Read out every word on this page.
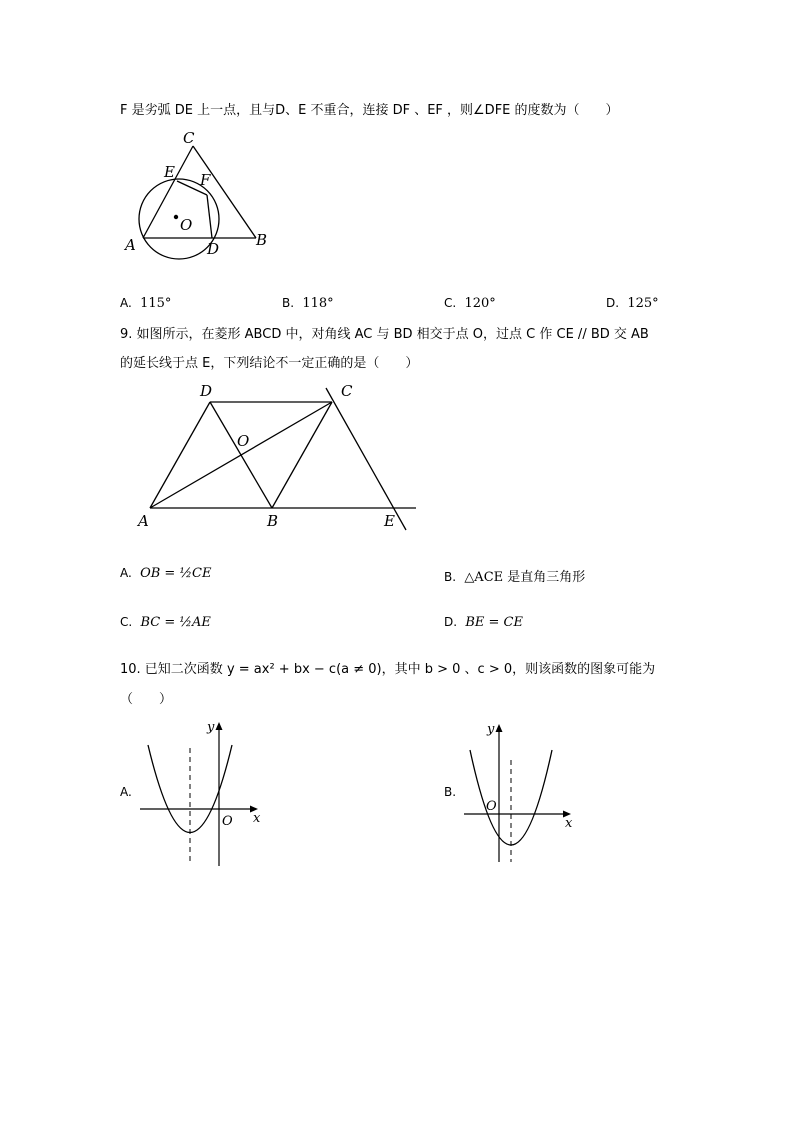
F 是劣弧 DE 上一点，且与D、E 不重合，连接 DF 、EF ，则∠DFE 的度数为（　　）
C
E F
O
A	D B
A. 115°	B. 118°	C. 120°	D. 125°
9. 如图所示，在菱形 ABCD 中，对角线 AC 与 BD 相交于点 O，过点 C 作 CE // BD 交 AB
的延长线于点 E，下列结论不一定正确的是（　　）
D	C
O
A	B	E
A. OB = ½CE	B. △ACE 是直角三角形
C. BC = ½AE	D. BE = CE
10. 已知二次函数 y = ax² + bx − c(a ≠ 0)，其中 b > 0 、c > 0，则该函数的图象可能为
（　　）
A.
y
x
O
B.
y
x
O
